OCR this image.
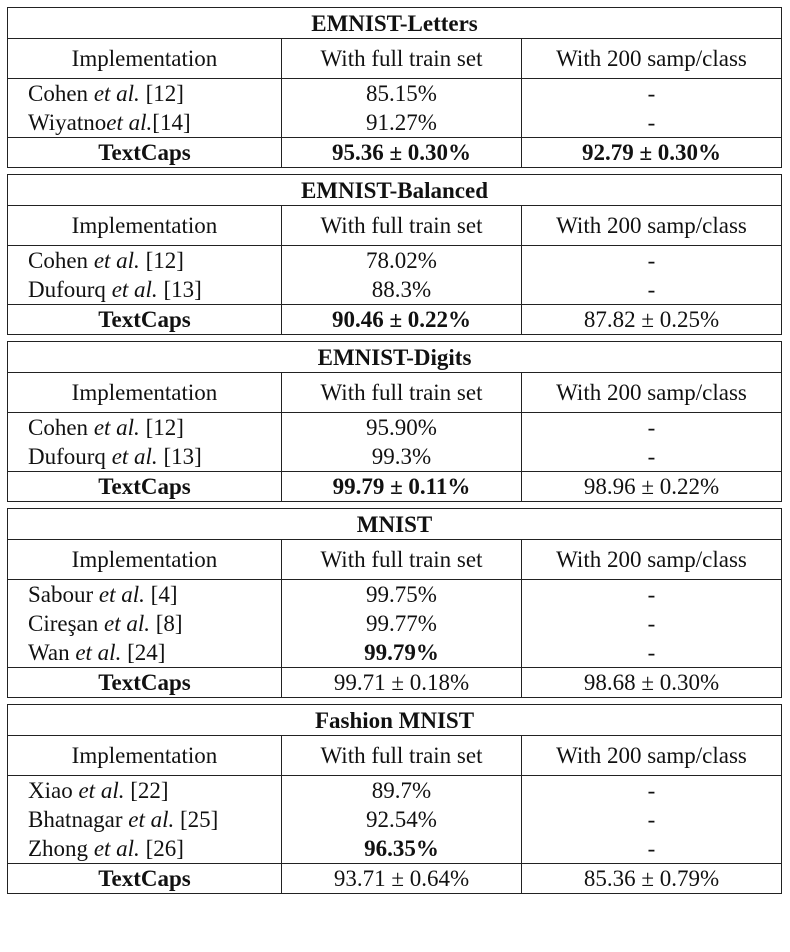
EMNIST-Letters		
Implementation	With full train set	With 200 samp/class
Cohen et al. [12]	85.15%	-
Wiyatnoet al.[14]	91.27%	-
TextCaps	95.36 ± 0.30%	92.79 ± 0.30%
EMNIST-Balanced		
Implementation	With full train set	With 200 samp/class
Cohen et al. [12]	78.02%	-
Dufourq et al. [13]	88.3%	-
TextCaps	90.46 ± 0.22%	87.82 ± 0.25%
EMNIST-Digits		
Implementation	With full train set	With 200 samp/class
Cohen et al. [12]	95.90%	-
Dufourq et al. [13]	99.3%	-
TextCaps	99.79 ± 0.11%	98.96 ± 0.22%
MNIST		
Implementation	With full train set	With 200 samp/class
Sabour et al. [4]	99.75%	-
Cireşan et al. [8]	99.77%	-
Wan et al. [24]	99.79%	-
TextCaps	99.71 ± 0.18%	98.68 ± 0.30%
Fashion MNIST		
Implementation	With full train set	With 200 samp/class
Xiao et al. [22]	89.7%	-
Bhatnagar et al. [25]	92.54%	-
Zhong et al. [26]	96.35%	-
TextCaps	93.71 ± 0.64%	85.36 ± 0.79%
